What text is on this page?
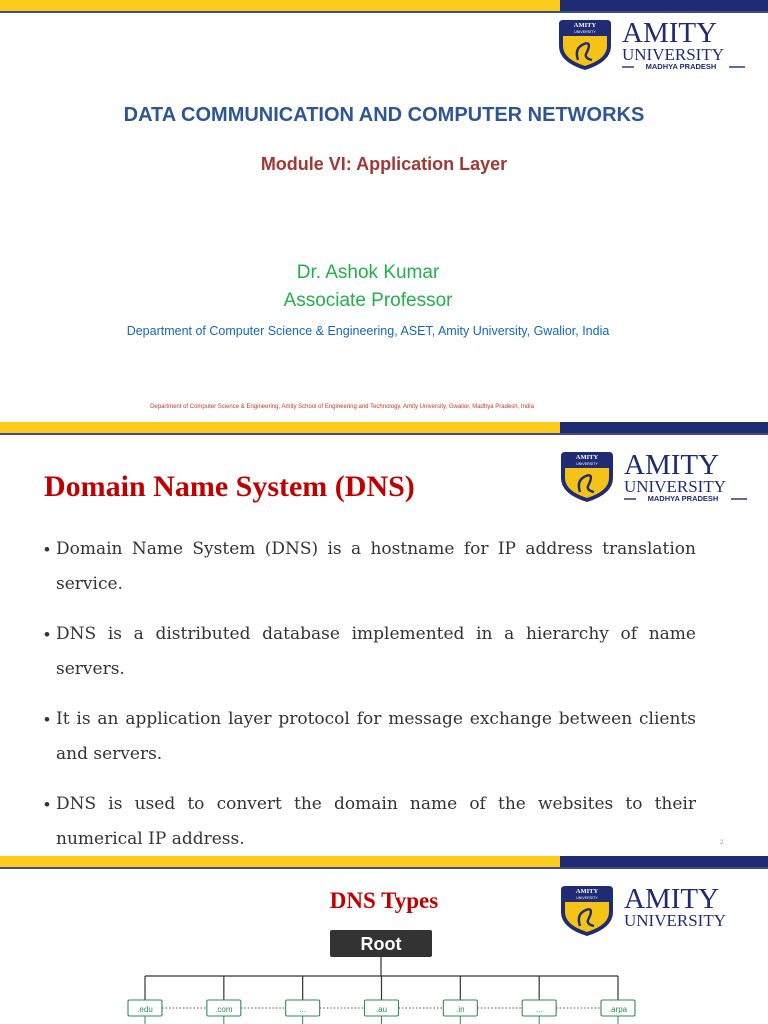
AMITY
UNIVERSITY AMITY
UNIVERSITY
MADHYA PRADESH
DATA COMMUNICATION AND COMPUTER NETWORKS
Module VI: Application Layer
Dr. Ashok Kumar
Associate Professor
Department of Computer Science & Engineering, ASET, Amity University, Gwalior, India
Department of Computer Science & Engineering, Amity School of Engineering and Technology, Amity University, Gwalior, Madhya Pradesh, India
AMITY
UNIVERSITY AMITY
UNIVERSITY
MADHYA PRADESH
Domain Name System (DNS)
• Domain Name System (DNS) is a hostname for IP address translation service.
• DNS is a distributed database implemented in a hierarchy of name servers.
• It is an application layer protocol for message exchange between clients and servers.
• DNS is used to convert the domain name of the websites to their numerical IP address.	2
AMITY
UNIVERSITY AMITY
UNIVERSITY
DNS Types
Root
.edu	.com	...	.au	.in	...	.arpa
